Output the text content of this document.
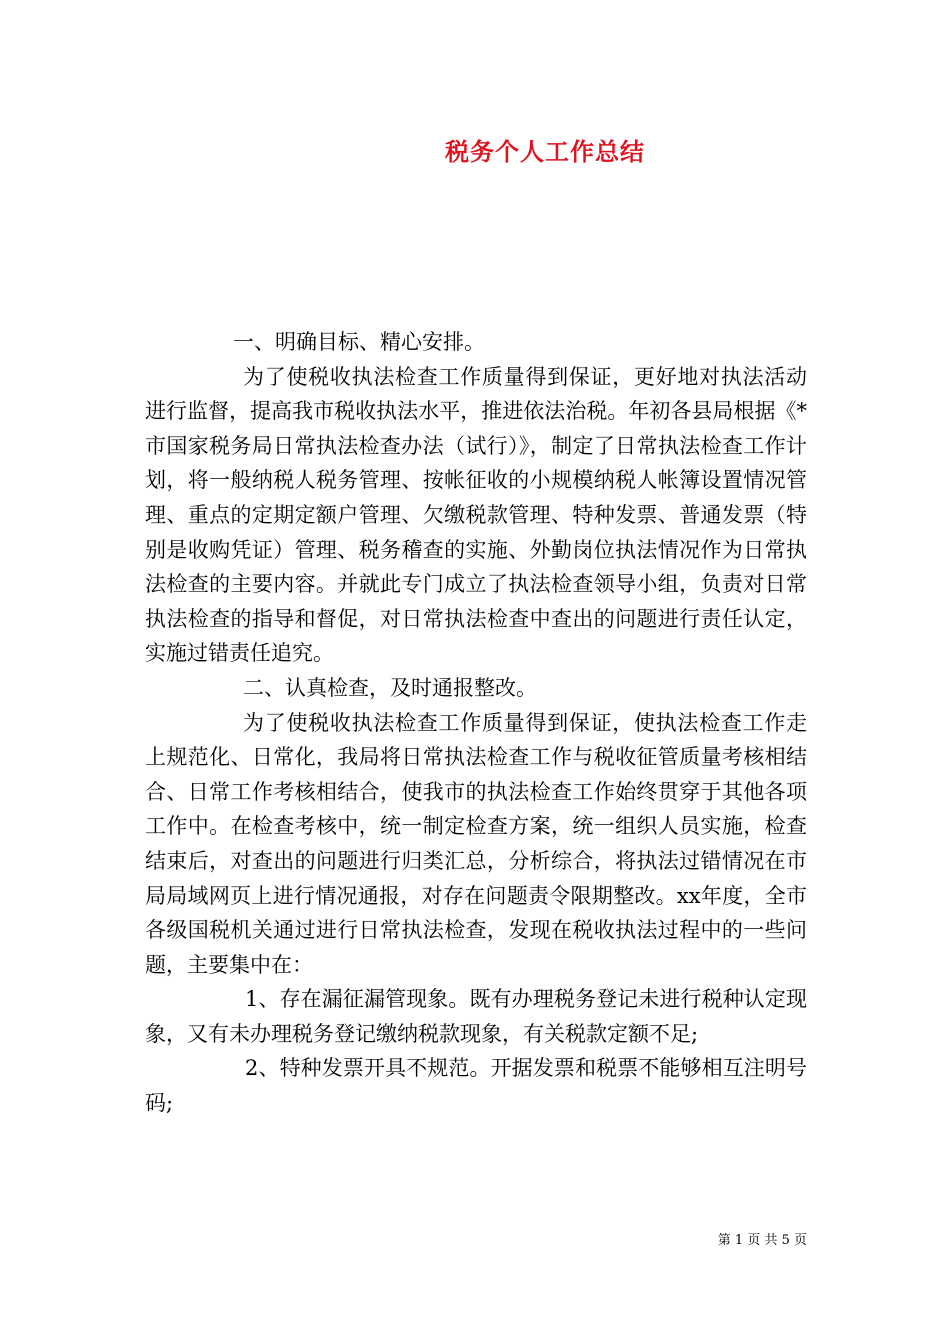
税务个人工作总结

一、明确目标、精心安排。

为了使税收执法检查工作质量得到保证，更好地对执法活动进行监督，提高我市税收执法水平，推进依法治税。年初各县局根据《*市国家税务局日常执法检查办法（试行）》，制定了日常执法检查工作计划，将一般纳税人税务管理、按帐征收的小规模纳税人帐簿设置情况管理、重点的定期定额户管理、欠缴税款管理、特种发票、普通发票（特别是收购凭证）管理、税务稽查的实施、外勤岗位执法情况作为日常执法检查的主要内容。并就此专门成立了执法检查领导小组，负责对日常执法检查的指导和督促，对日常执法检查中查出的问题进行责任认定，实施过错责任追究。

二、认真检查，及时通报整改。

为了使税收执法检查工作质量得到保证，使执法检查工作走上规范化、日常化，我局将日常执法检查工作与税收征管质量考核相结合、日常工作考核相结合，使我市的执法检查工作始终贯穿于其他各项工作中。在检查考核中，统一制定检查方案，统一组织人员实施，检查结束后，对查出的问题进行归类汇总，分析综合，将执法过错情况在市局局域网页上进行情况通报，对存在问题责令限期整改。xx年度，全市各级国税机关通过进行日常执法检查，发现在税收执法过程中的一些问题，主要集中在：

1、存在漏征漏管现象。既有办理税务登记未进行税种认定现象，又有未办理税务登记缴纳税款现象，有关税款定额不足;

2、特种发票开具不规范。开据发票和税票不能够相互注明号码;

第 1 页 共 5 页
